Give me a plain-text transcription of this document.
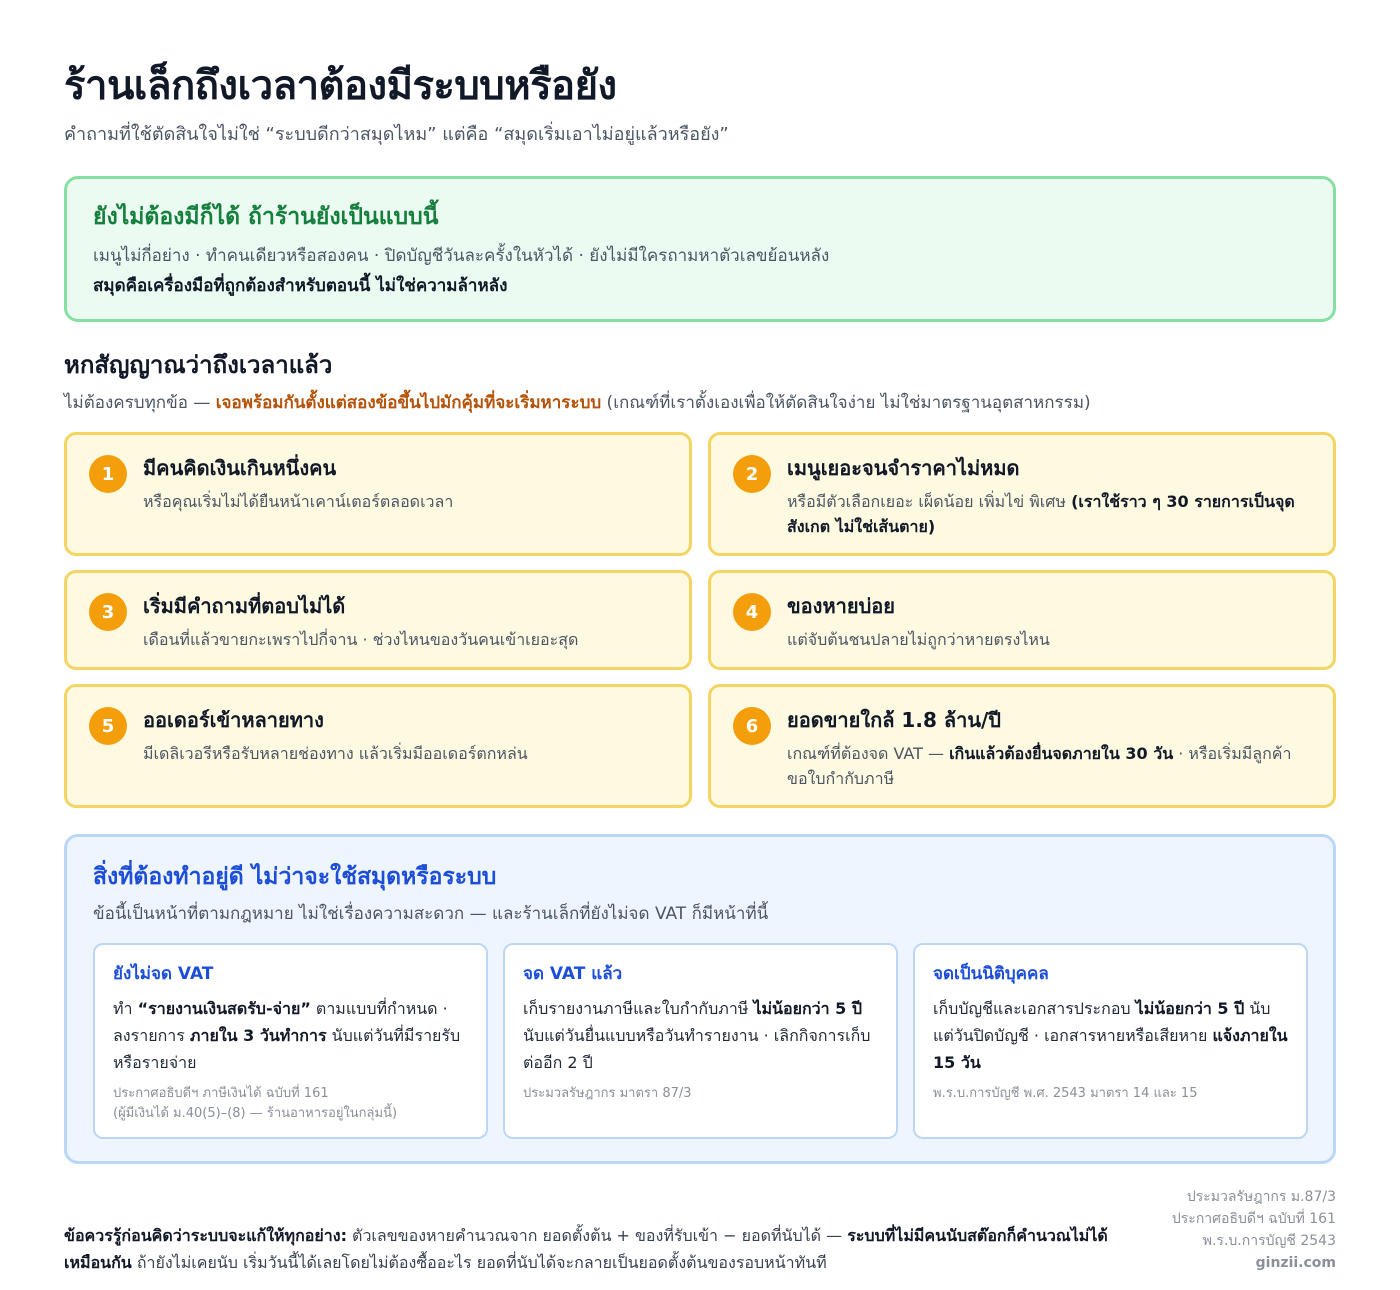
ร้านเล็กถึงเวลาต้องมีระบบหรือยัง

คำถามที่ใช้ตัดสินใจไม่ใช่ “ระบบดีกว่าสมุดไหม” แต่คือ “สมุดเริ่มเอาไม่อยู่แล้วหรือยัง”

ยังไม่ต้องมีก็ได้ ถ้าร้านยังเป็นแบบนี้
เมนูไม่กี่อย่าง · ทำคนเดียวหรือสองคน · ปิดบัญชีวันละครั้งในหัวได้ · ยังไม่มีใครถามหาตัวเลขย้อนหลัง
สมุดคือเครื่องมือที่ถูกต้องสำหรับตอนนี้ ไม่ใช่ความล้าหลัง
หกสัญญาณว่าถึงเวลาแล้ว
ไม่ต้องครบทุกข้อ — เจอพร้อมกันตั้งแต่สองข้อขึ้นไปมักคุ้มที่จะเริ่มหาระบบ (เกณฑ์ที่เราตั้งเองเพื่อให้ตัดสินใจง่าย ไม่ใช่มาตรฐานอุตสาหกรรม)
1	มีคนคิดเงินเกินหนึ่งคน
หรือคุณเริ่มไม่ได้ยืนหน้าเคาน์เตอร์ตลอดเวลา
2	เมนูเยอะจนจำราคาไม่หมด
หรือมีตัวเลือกเยอะ เผ็ดน้อย เพิ่มไข่ พิเศษ (เราใช้ราว ๆ 30 รายการเป็นจุดสังเกต ไม่ใช่เส้นตาย)
3	เริ่มมีคำถามที่ตอบไม่ได้
เดือนที่แล้วขายกะเพราไปกี่จาน · ช่วงไหนของวันคนเข้าเยอะสุด
4	ของหายบ่อย
แต่จับต้นชนปลายไม่ถูกว่าหายตรงไหน
5	ออเดอร์เข้าหลายทาง
มีเดลิเวอรีหรือรับหลายช่องทาง แล้วเริ่มมีออเดอร์ตกหล่น
6	ยอดขายใกล้ 1.8 ล้าน/ปี
เกณฑ์ที่ต้องจด VAT — เกินแล้วต้องยื่นจดภายใน 30 วัน · หรือเริ่มมีลูกค้าขอใบกำกับภาษี
สิ่งที่ต้องทำอยู่ดี ไม่ว่าจะใช้สมุดหรือระบบ
ข้อนี้เป็นหน้าที่ตามกฎหมาย ไม่ใช่เรื่องความสะดวก — และร้านเล็กที่ยังไม่จด VAT ก็มีหน้าที่นี้
ยังไม่จด VAT
ทำ “รายงานเงินสดรับ-จ่าย” ตามแบบที่กำหนด · ลงรายการ ภายใน 3 วันทำการ นับแต่วันที่มีรายรับหรือรายจ่าย
ประกาศอธิบดีฯ ภาษีเงินได้ ฉบับที่ 161
(ผู้มีเงินได้ ม.40(5)–(8) — ร้านอาหารอยู่ในกลุ่มนี้)
จด VAT แล้ว
เก็บรายงานภาษีและใบกำกับภาษี ไม่น้อยกว่า 5 ปี นับแต่วันยื่นแบบหรือวันทำรายงาน · เลิกกิจการเก็บต่ออีก 2 ปี
ประมวลรัษฎากร มาตรา 87/3
จดเป็นนิติบุคคล
เก็บบัญชีและเอกสารประกอบ ไม่น้อยกว่า 5 ปี นับแต่วันปิดบัญชี · เอกสารหายหรือเสียหาย แจ้งภายใน 15 วัน
พ.ร.บ.การบัญชี พ.ศ. 2543 มาตรา 14 และ 15
ข้อควรรู้ก่อนคิดว่าระบบจะแก้ให้ทุกอย่าง: ตัวเลขของหายคำนวณจาก ยอดตั้งต้น + ของที่รับเข้า − ยอดที่นับได้ — ระบบที่ไม่มีคนนับสต๊อกก็คำนวณไม่ได้เหมือนกัน ถ้ายังไม่เคยนับ เริ่มวันนี้ได้เลยโดยไม่ต้องซื้ออะไร ยอดที่นับได้จะกลายเป็นยอดตั้งต้นของรอบหน้าทันที
ประมวลรัษฎากร ม.87/3
ประกาศอธิบดีฯ ฉบับที่ 161
พ.ร.บ.การบัญชี 2543
ginzii.com
